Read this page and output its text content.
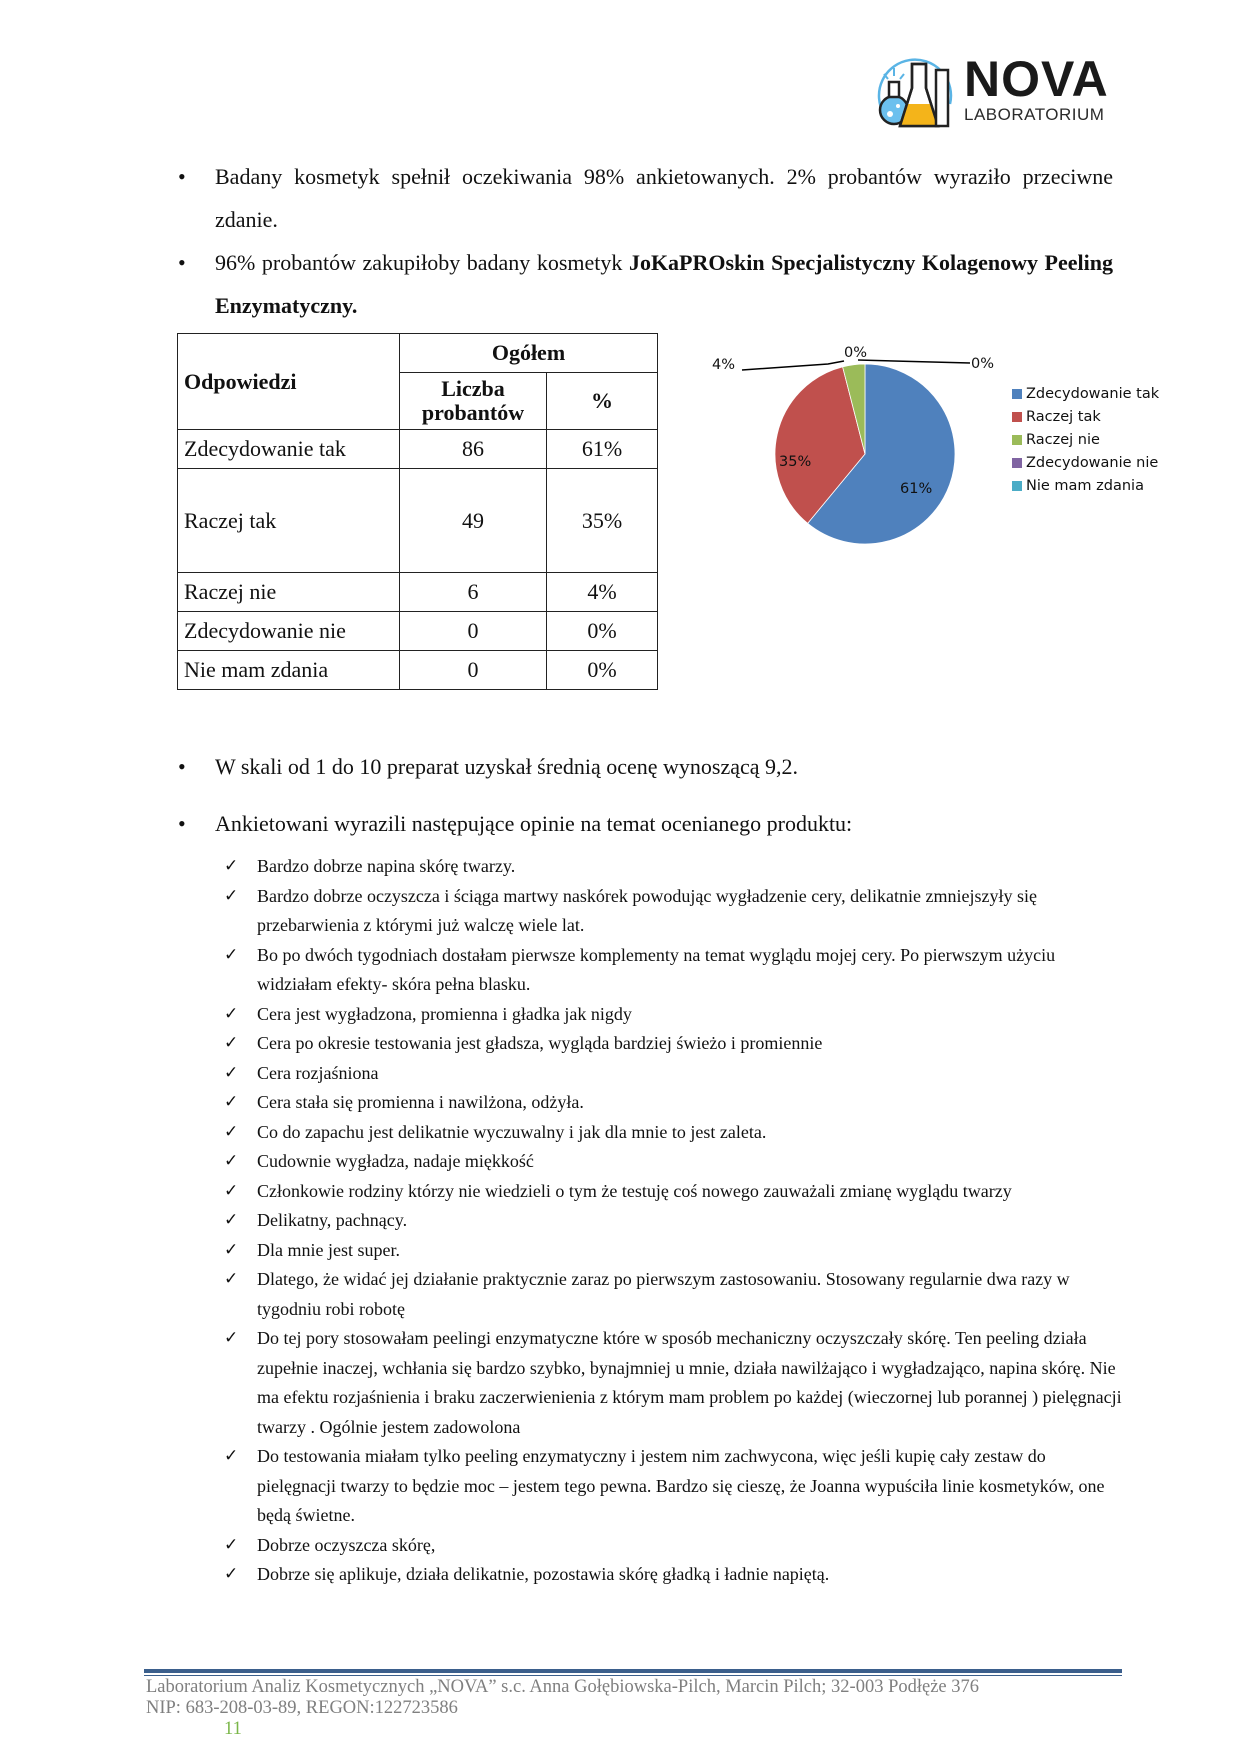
NOVA
LABORATORIUM
• Badany kosmetyk spełnił oczekiwania 98% ankietowanych. 2% probantów wyraziło przeciwne zdanie.
• 96% probantów zakupiłoby badany kosmetyk JoKaPROskin Specjalistyczny Kolagenowy Peeling Enzymatyczny.
Odpowiedzi	Ogółem	
	Liczba probantów	%
Zdecydowanie tak	86	61%
Raczej tak	49	35%
Raczej nie	6	4%
Zdecydowanie nie	0	0%
Nie mam zdania	0	0%
4%
0%
0%
35%
61%
Zdecydowanie tak
Raczej tak
Raczej nie
Zdecydowanie nie
Nie mam zdania
• W skali od 1 do 10 preparat uzyskał średnią ocenę wynoszącą 9,2.
• Ankietowani wyrazili następujące opinie na temat ocenianego produktu:
✓ Bardzo dobrze napina skórę twarzy.
✓ Bardzo dobrze oczyszcza i ściąga martwy naskórek powodując wygładzenie cery, delikatnie zmniejszyły się przebarwienia z którymi już walczę wiele lat.
✓ Bo po dwóch tygodniach dostałam pierwsze komplementy na temat wyglądu mojej cery. Po pierwszym użyciu widziałam efekty- skóra pełna blasku.
✓ Cera jest wygładzona, promienna i gładka jak nigdy
✓ Cera po okresie testowania jest gładsza, wygląda bardziej świeżo i promiennie
✓ Cera rozjaśniona
✓ Cera stała się promienna i nawilżona, odżyła.
✓ Co do zapachu jest delikatnie wyczuwalny i jak dla mnie to jest zaleta.
✓ Cudownie wygładza, nadaje miękkość
✓ Członkowie rodziny którzy nie wiedzieli o tym że testuję coś nowego zauważali zmianę wyglądu twarzy
✓ Delikatny, pachnący.
✓ Dla mnie jest super.
✓ Dlatego, że widać jej działanie praktycznie zaraz po pierwszym zastosowaniu. Stosowany regularnie dwa razy w tygodniu robi robotę
✓ Do tej pory stosowałam peelingi enzymatyczne które w sposób mechaniczny oczyszczały skórę. Ten peeling działa zupełnie inaczej, wchłania się bardzo szybko, bynajmniej u mnie, działa nawilżająco i wygładzająco, napina skórę. Nie ma efektu rozjaśnienia i braku zaczerwienienia z którym mam problem po każdej (wieczornej lub porannej ) pielęgnacji twarzy . Ogólnie jestem zadowolona
✓ Do testowania miałam tylko peeling enzymatyczny i jestem nim zachwycona, więc jeśli kupię cały zestaw do pielęgnacji twarzy to będzie moc – jestem tego pewna. Bardzo się cieszę, że Joanna wypuściła linie kosmetyków, one będą świetne.
✓ Dobrze oczyszcza skórę,
✓ Dobrze się aplikuje, działa delikatnie, pozostawia skórę gładką i ładnie napiętą.
Laboratorium Analiz Kosmetycznych „NOVA” s.c. Anna Gołębiowska-Pilch, Marcin Pilch; 32-003 Podłęże 376
NIP: 683-208-03-89, REGON:122723586
11
